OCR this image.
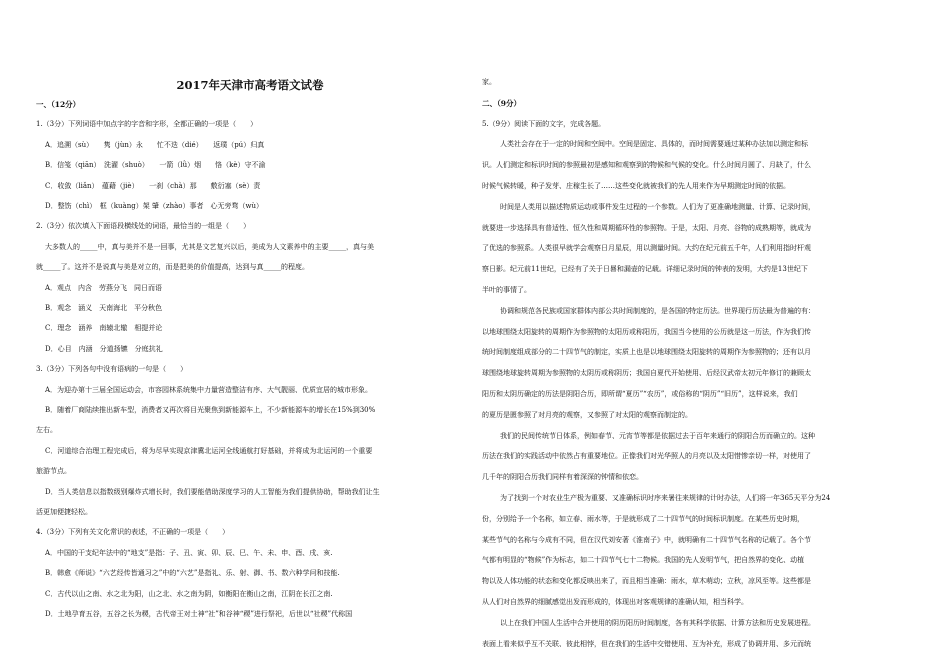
2017年天津市高考语文试卷
一、（12分）
1.（3分）下列词语中加点字的字音和字形，全都正确的一项是（　　）
A．追溯（sù）　　隽（jùn）永　　忙不迭（dié）　　返璞（pú）归真
B．信笺（qiān）　洗濯（shuò）　　一箭（lǜ）烟　　恪（kè）守不渝
C．收敛（liǎn）　蕴藉（jiè）　　一刹（chà）那　　敷衍塞（sè）责
D．整饬（chì）　框（kuàng）架 肇（zhào）事者　心无旁骛（wù）
2.（3分）依次填入下面语段横线处的词语，最恰当的一组是（　　）
大多数人的_____中，真与美并不是一回事，尤其是文艺复兴以后，美成为人文素养中的主要_____，真与美
就_____了。这并不是说真与美是对立的，而是把美的价值提高，达到与真_____的程度。
A．观点　内含　劳燕分飞　同日而语
B．观念　涵义　天南海北　平分秋色
C．理念　涵养　南辕北辙　相提并论
D．心目　内涵　分道扬镳　分庭抗礼
3.（3分）下列各句中没有语病的一句是（　　）
A．为迎办第十三届全国运动会，市容园林系统集中力量营造整洁有序、大气靓丽、优质宜居的城市形象。
B．随着厂商陆续推出新车型，消费者又再次将目光聚焦到新能源车上，不少新能源车的增长在15%到30%
左右。
C．河道综合治理工程完成后，将为尽早实现京津冀北运河全线通航打好基础，并将成为北运河的一个重要
旅游节点。
D．当人类信息以指数级别爆炸式增长时，我们要能借助深度学习的人工智能为我们提供协助，帮助我们让生
活更加便捷轻松。
4.（3分）下列有关文化常识的表述，不正确的一项是（　　）
A．中国的干支纪年法中的“地支”是指：子、丑、寅、卯、辰、巳、午、未、申、酉、戌、亥.
B．韩愈《师说》“六艺经传皆通习之”中的“六艺”是指礼、乐、射、御、书、数六种学问和技能.
C．古代以山之南、水之北为阳，山之北、水之南为阴，如衡阳在衡山之南，江阴在长江之南.
D．土地孕育五谷，五谷之长为稷，古代帝王对土神“社”和谷神“稷”进行祭祀，后世以“社稷”代称国
家。
二、（9分）
5.（9分）阅读下面的文字，完成各题。
人类社会存在于一定的时间和空间中。空间是固定、具体的，而时间需要通过某种办法加以测定和标
识。人们测定和标识时间的参照最初是感知和观察到的物候和气候的变化。什么时间月圆了、月缺了，什么
时候气候转暖，种子发芽、庄稼生长了……这些变化就被我们的先人用来作为早期测定时间的依据。
时间是人类用以描述物质运动或事件发生过程的一个参数。人们为了更准确地测量、计算、记录时间，
就要进一步选择具有普适性、恒久性和周期循环性的参照物。于是，太阳、月亮、谷物的成熟期等，就成为
了优选的参照系。人类很早就学会观察日月星辰，用以测量时间。大约在纪元前五千年，人们利用指时杆观
察日影。纪元前11世纪，已经有了关于日晷和漏壶的记载。详细记录时间的钟表的发明，大约是13世纪下
半叶的事情了。
协调和规范各民族或国家群体内部公共时间制度的，是各国的特定历法。世界现行历法最为普遍的有：
以地球围绕太阳旋转的周期作为参照物的太阳历或称阳历，我国当今使用的公历就是这一历法，作为我们传
统时间制度组成部分的二十四节气的制定，实质上也是以地球围绕太阳旋转的周期作为参照物的；还有以月
球围绕地球旋转周期为参照物的太阴历或称阴历；我国自夏代开始使用、后经汉武帝太初元年修订的兼顾太
阳历和太阴历确定的历法是阴阳合历，即所谓“夏历”“农历”，或俗称的“阴历”“旧历”，这样说来，我们
的夏历是匮参照了对月亮的观察，又参照了对太阳的观察而制定的。
我们的民间传统节日体系，例如春节、元宵节等都是依据过去于百年来通行的阴阳合历而确立的。这种
历法在我们的实践活动中依然占有重要地位。正像我们对光华照人的月亮以及太阳惜惨亲切一样，对使用了
几千年的阴阳合历我们同样有着深深的钟情和依恋。
为了找到一个对农业生产极为重要、又准确标识时序来暑往来规律的计时办法，人们将一年365天平分为24
份，分别给予一个名称，如立春、雨水等，于是就形成了二十四节气的时间标识制度。在某些历史时期，
某些节气的名称与今成有不同，但在汉代刘安著《淮南子》中，就明确有二十四节气名称的记载了。各个节
气都有明显的“物候”作为标志，如二十四节气七十二物候。我国的先人发明节气，把自然界的变化、动植
物以及人体功能的状态和变化都反映出来了，而且相当准确：雨水，草木萌动；立秋，凉风至等。这些都是
从人们对自然界的细腻感觉出发而形成的，体现出对客观规律的准确认知，相当科学。
以上在我们中国人生活中合并使用的阴历阳历时间制度，各有其科学依据、计算方法和历史发展进程。
表面上看来似乎互不关联、彼此相悖，但在我们的生活中交错使用、互为补充，形成了协调并用、多元而统
